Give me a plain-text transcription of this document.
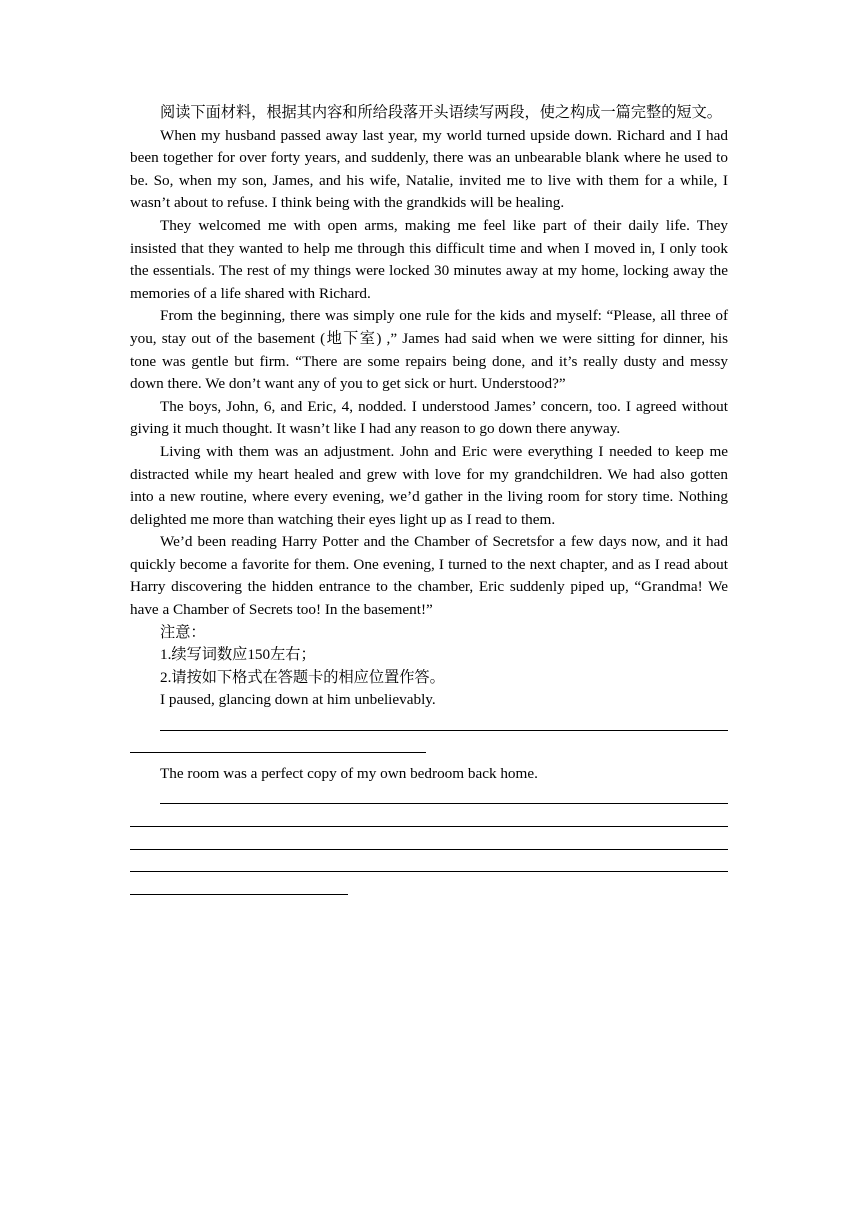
阅读下面材料，根据其内容和所给段落开头语续写两段，使之构成一篇完整的短文。

When my husband passed away last year, my world turned upside down. Richard and I had been together for over forty years, and suddenly, there was an unbearable blank where he used to be. So, when my son, James, and his wife, Natalie, invited me to live with them for a while, I wasn’t about to refuse. I think being with the grandkids will be healing.

They welcomed me with open arms, making me feel like part of their daily life. They insisted that they wanted to help me through this difficult time and when I moved in, I only took the essentials. The rest of my things were locked 30 minutes away at my home, locking away the memories of a life shared with Richard.

From the beginning, there was simply one rule for the kids and myself: “Please, all three of you, stay out of the basement (地下室) ,” James had said when we were sitting for dinner, his tone was gentle but firm. “There are some repairs being done, and it’s really dusty and messy down there. We don’t want any of you to get sick or hurt. Understood?”

The boys, John, 6, and Eric, 4, nodded. I understood James’ concern, too. I agreed without giving it much thought. It wasn’t like I had any reason to go down there anyway.

Living with them was an adjustment. John and Eric were everything I needed to keep me distracted while my heart healed and grew with love for my grandchildren. We had also gotten into a new routine, where every evening, we’d gather in the living room for story time. Nothing delighted me more than watching their eyes light up as I read to them.

We’d been reading Harry Potter and the Chamber of Secretsfor a few days now, and it had quickly become a favorite for them. One evening, I turned to the next chapter, and as I read about Harry discovering the hidden entrance to the chamber, Eric suddenly piped up, “Grandma! We have a Chamber of Secrets too! In the basement!”

注意：

1.续写词数应150左右；

2.请按如下格式在答题卡的相应位置作答。

I paused, glancing down at him unbelievably.

The room was a perfect copy of my own bedroom back home.
